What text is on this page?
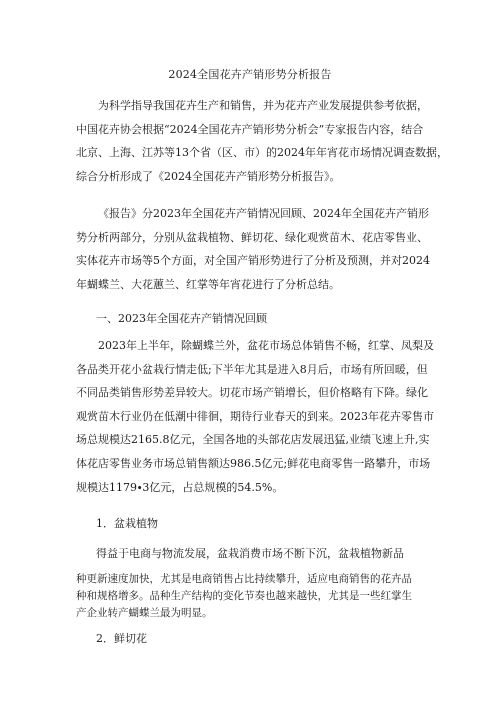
2024全国花卉产销形势分析报告
为科学指导我国花卉生产和销售，并为花卉产业发展提供参考依据，
中国花卉协会根据“2024全国花卉产销形势分析会”专家报告内容，结合
北京、上海、江苏等13个省（区、市）的2024年年宵花市场情况调查数据，
综合分析形成了《2024全国花卉产销形势分析报告》。
《报告》分2023年全国花卉产销情况回顾、2024年全国花卉产销形
势分析两部分，分别从盆栽植物、鲜切花、绿化观赏苗木、花店零售业、
实体花卉市场等5个方面，对全国产销形势进行了分析及预测，并对2024
年蝴蝶兰、大花蕙兰、红掌等年宵花进行了分析总结。
一、2023年全国花卉产销情况回顾
2023年上半年，除蝴蝶兰外，盆花市场总体销售不畅，红掌、凤梨及
各品类开花小盆栽行情走低;下半年尤其是进入8月后，市场有所回暖，但
不同品类销售形势差异较大。切花市场产销增长，但价格略有下降。绿化
观赏苗木行业仍在低潮中徘徊，期待行业春天的到来。2023年花卉零售市
场总规模达2165.8亿元，全国各地的头部花店发展迅猛,业绩飞速上升,实
体花店零售业务市场总销售额达986.5亿元;鲜花电商零售一路攀升，市场
规模达1179∙3亿元，占总规模的54.5%。
1．盆栽植物
得益于电商与物流发展，盆栽消费市场不断下沉，盆栽植物新品
种更新速度加快，尤其是电商销售占比持续攀升，适应电商销售的花卉品
种和规格增多。品种生产结构的变化节奏也越来越快，尤其是一些红掌生
产企业转产蝴蝶兰最为明显。
2．鲜切花
